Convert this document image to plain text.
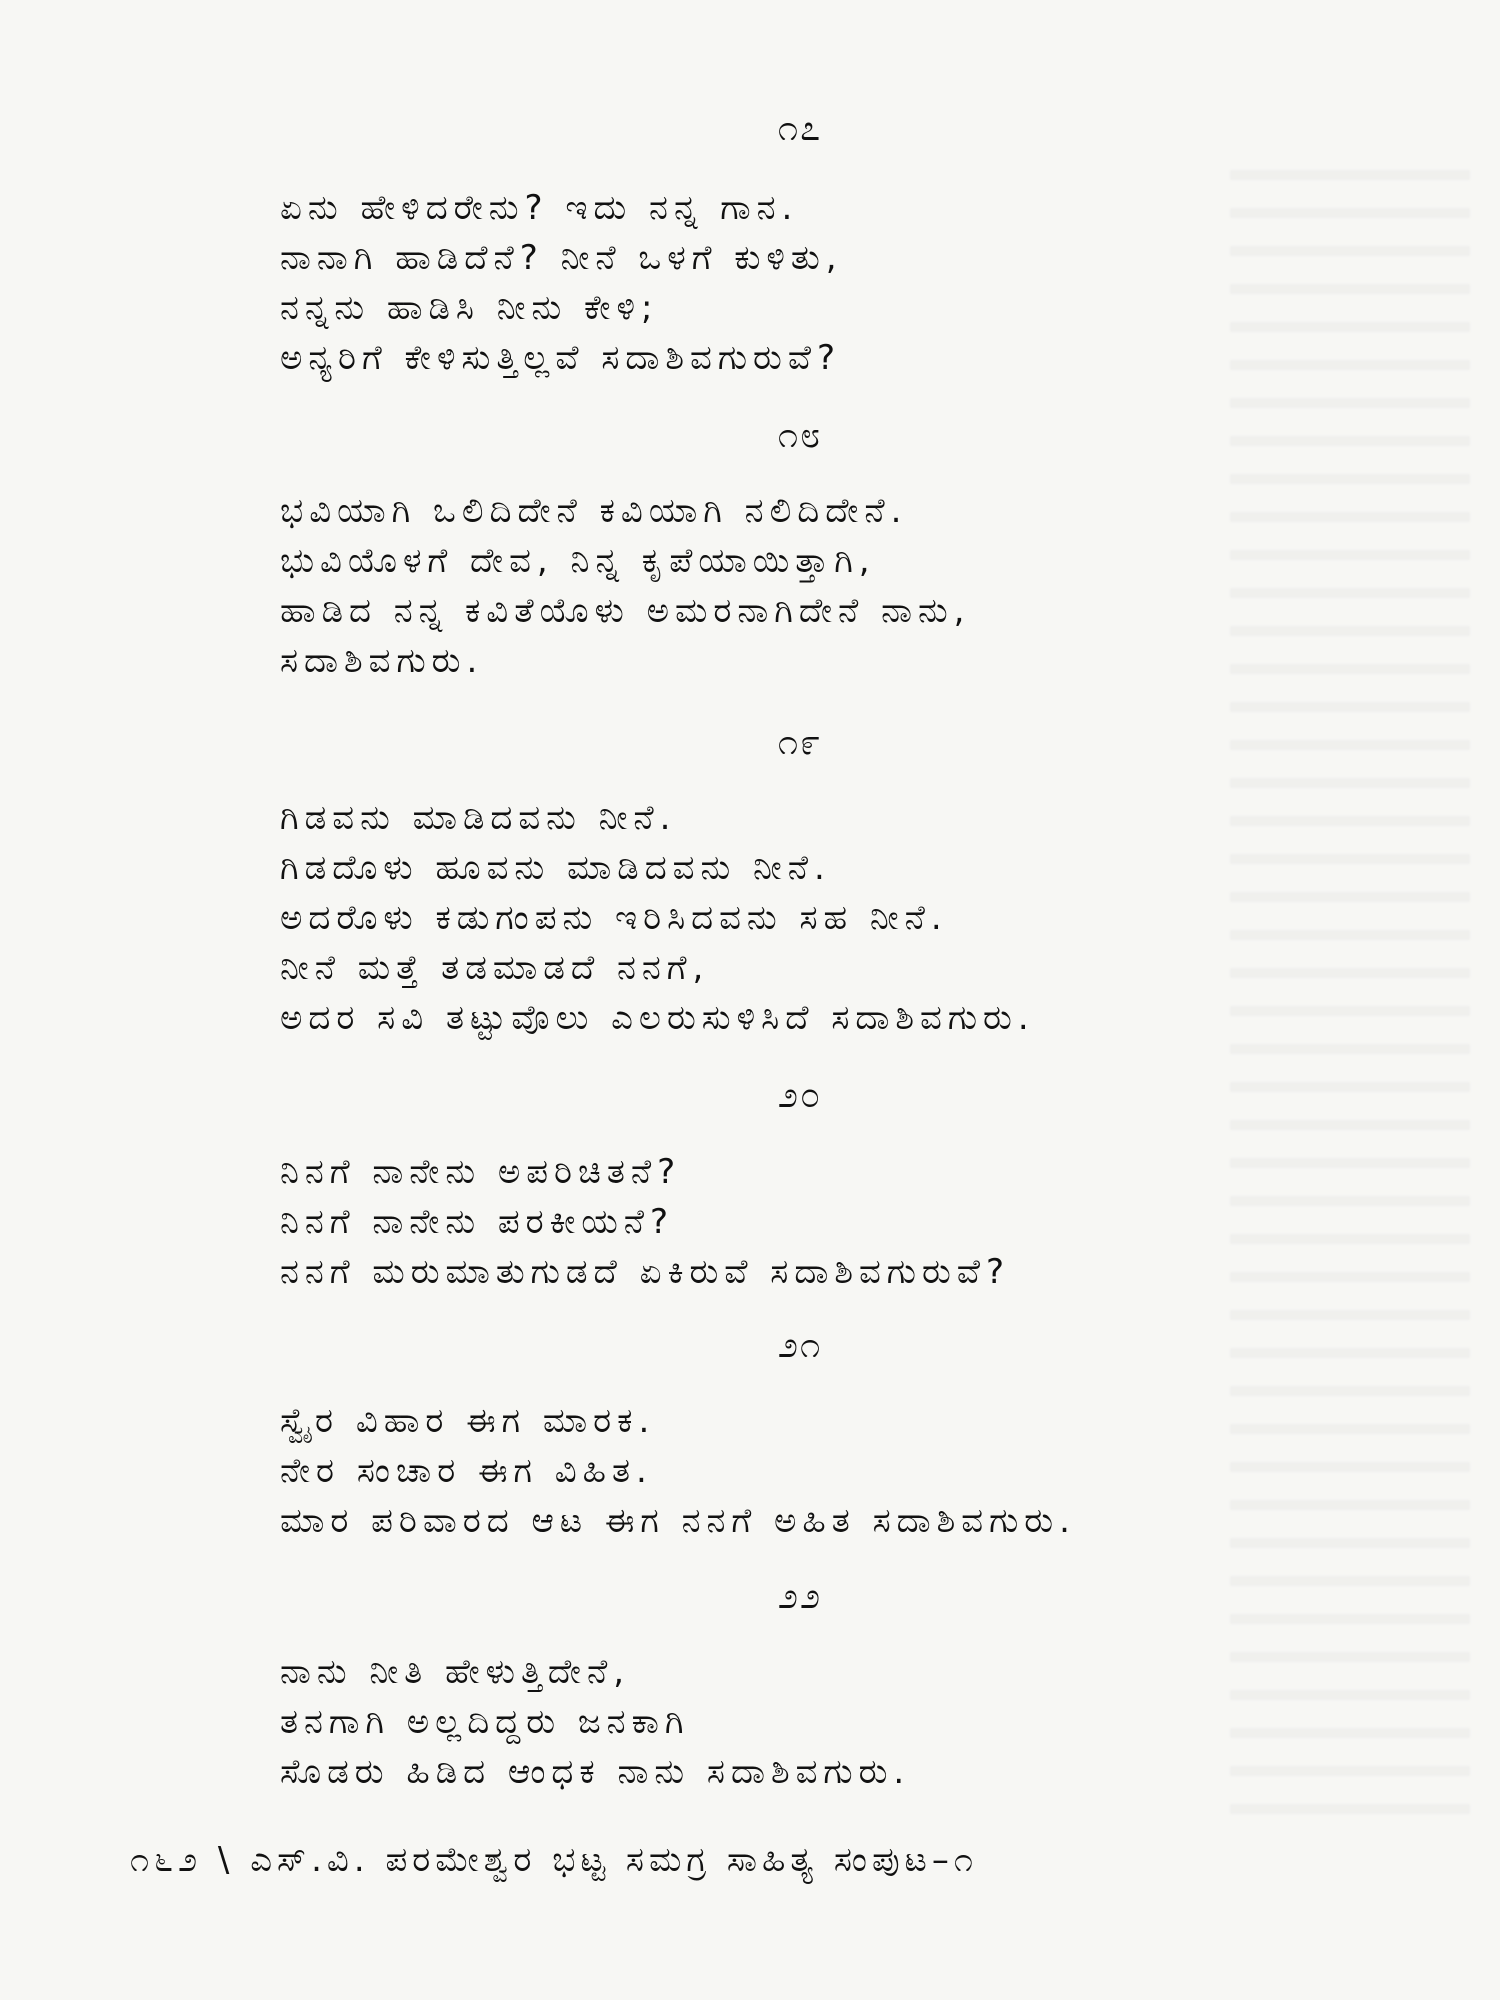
೧೭
ಏನು ಹೇಳಿದರೇನು? ಇದು ನನ್ನ ಗಾನ.
ನಾನಾಗಿ ಹಾಡಿದೆನೆ? ನೀನೆ ಒಳಗೆ ಕುಳಿತು,
ನನ್ನನು ಹಾಡಿಸಿ ನೀನು ಕೇಳಿ;
ಅನ್ಯರಿಗೆ ಕೇಳಿಸುತ್ತಿಲ್ಲವೆ ಸದಾಶಿವಗುರುವೆ?
೧೮
ಭವಿಯಾಗಿ ಒಲಿದಿದೇನೆ ಕವಿಯಾಗಿ ನಲಿದಿದೇನೆ.
ಭುವಿಯೊಳಗೆ ದೇವ, ನಿನ್ನ ಕೃಪೆಯಾಯಿತ್ತಾಗಿ,
ಹಾಡಿದ ನನ್ನ ಕವಿತೆಯೊಳು ಅಮರನಾಗಿದೇನೆ ನಾನು,
ಸದಾಶಿವಗುರು.
೧೯
ಗಿಡವನು ಮಾಡಿದವನು ನೀನೆ.
ಗಿಡದೊಳು ಹೂವನು ಮಾಡಿದವನು ನೀನೆ.
ಅದರೊಳು ಕಡುಗಂಪನು ಇರಿಸಿದವನು ಸಹ ನೀನೆ.
ನೀನೆ ಮತ್ತೆ ತಡಮಾಡದೆ ನನಗೆ,
ಅದರ ಸವಿ ತಟ್ಟುವೊಲು ಎಲರುಸುಳಿಸಿದೆ ಸದಾಶಿವಗುರು.
೨೦
ನಿನಗೆ ನಾನೇನು ಅಪರಿಚಿತನೆ?
ನಿನಗೆ ನಾನೇನು ಪರಕೀಯನೆ?
ನನಗೆ ಮರುಮಾತುಗುಡದೆ ಏಕಿರುವೆ ಸದಾಶಿವಗುರುವೆ?
೨೧
ಸ್ವೈರ ವಿಹಾರ ಈಗ ಮಾರಕ.
ನೇರ ಸಂಚಾರ ಈಗ ವಿಹಿತ.
ಮಾರ ಪರಿವಾರದ ಆಟ ಈಗ ನನಗೆ ಅಹಿತ ಸದಾಶಿವಗುರು.
೨೨
ನಾನು ನೀತಿ ಹೇಳುತ್ತಿದೇನೆ,
ತನಗಾಗಿ ಅಲ್ಲದಿದ್ದರು ಜನಕಾಗಿ
ಸೊಡರು ಹಿಡಿದ ಆಂಧಕ ನಾನು ಸದಾಶಿವಗುರು.
೧೬೨ \ ಎಸ್.ವಿ. ಪರಮೇಶ್ವರ ಭಟ್ಟ ಸಮಗ್ರ ಸಾಹಿತ್ಯ ಸಂಪುಟ–೧
